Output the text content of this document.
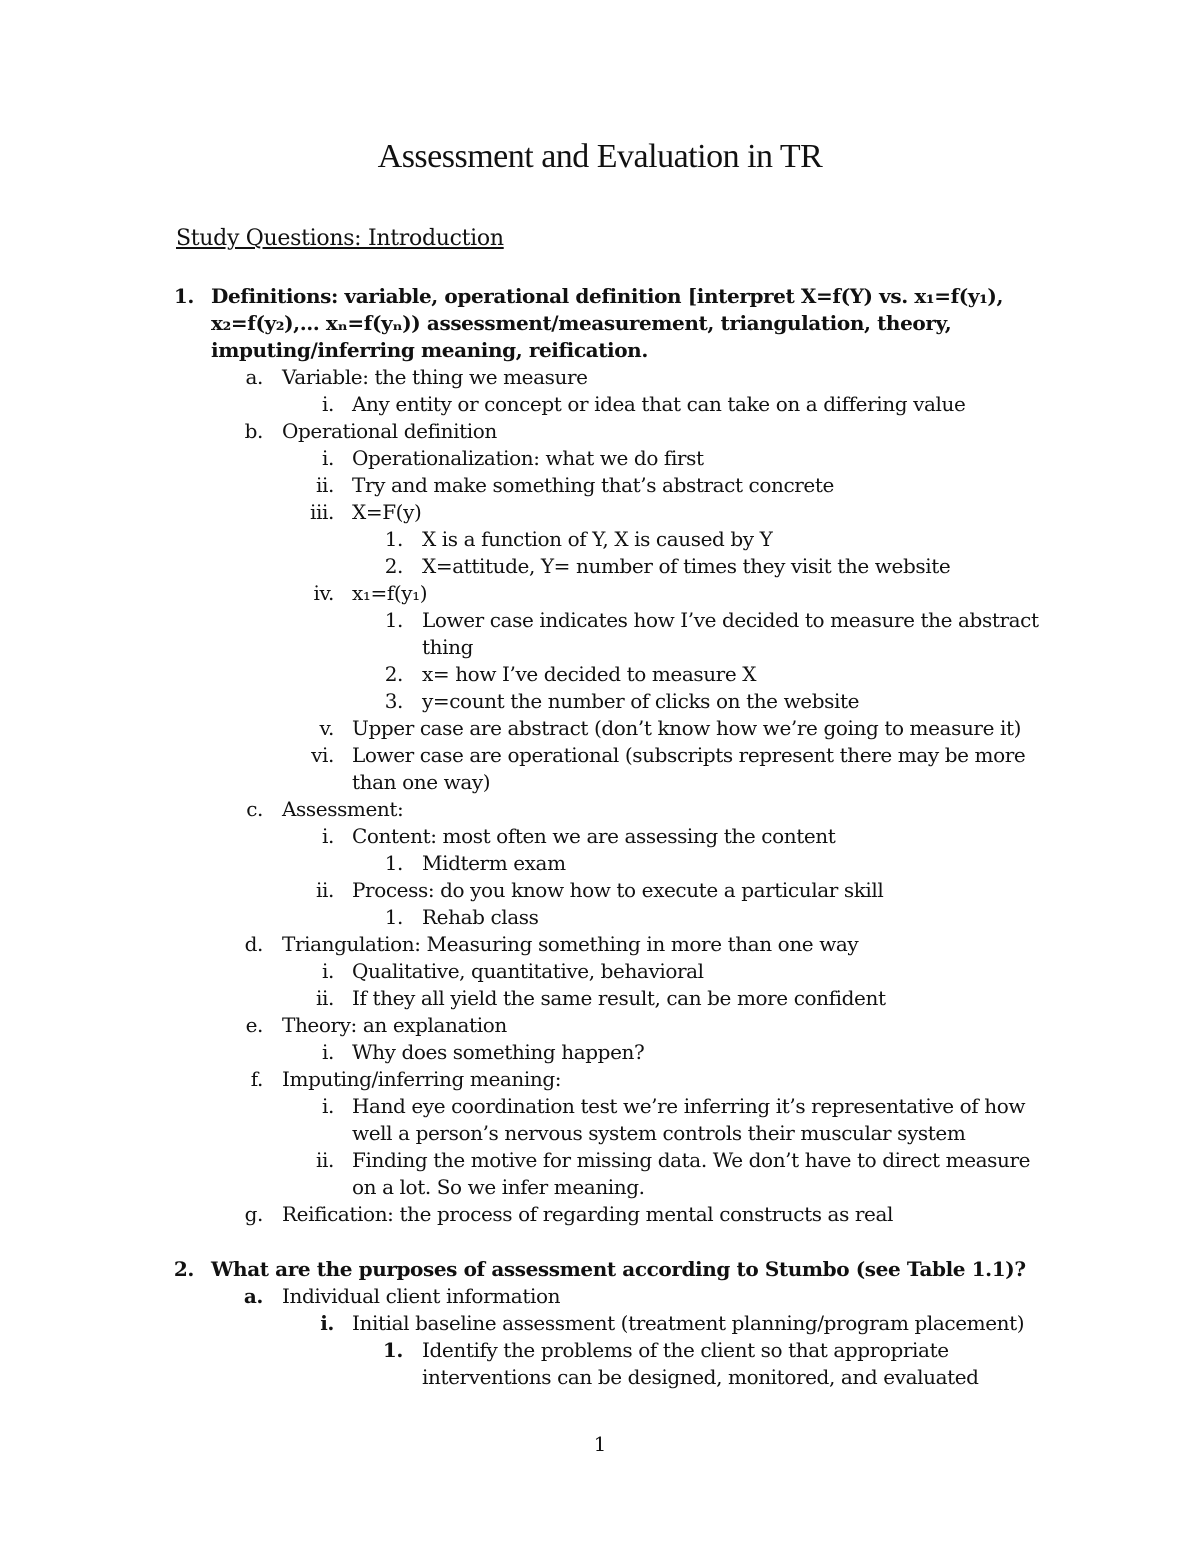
Assessment and Evaluation in TR
Study Questions: Introduction
1. Definitions: variable, operational definition [interpret X=f(Y) vs. x₁=f(y₁),
x₂=f(y₂),… xₙ=f(yₙ)) assessment/measurement, triangulation, theory,
imputing/inferring meaning, reification.
a. Variable: the thing we measure
i. Any entity or concept or idea that can take on a differing value
b. Operational definition
i. Operationalization: what we do first
ii. Try and make something that’s abstract concrete
iii. X=F(y)
1. X is a function of Y, X is caused by Y
2. X=attitude, Y= number of times they visit the website
iv. x₁=f(y₁)
1. Lower case indicates how I’ve decided to measure the abstract
thing
2. x= how I’ve decided to measure X
3. y=count the number of clicks on the website
v. Upper case are abstract (don’t know how we’re going to measure it)
vi. Lower case are operational (subscripts represent there may be more
than one way)
c. Assessment:
i. Content: most often we are assessing the content
1. Midterm exam
ii. Process: do you know how to execute a particular skill
1. Rehab class
d. Triangulation: Measuring something in more than one way
i. Qualitative, quantitative, behavioral
ii. If they all yield the same result, can be more confident
e. Theory: an explanation
i. Why does something happen?
f. Imputing/inferring meaning:
i. Hand eye coordination test we’re inferring it’s representative of how
well a person’s nervous system controls their muscular system
ii. Finding the motive for missing data. We don’t have to direct measure
on a lot. So we infer meaning.
g. Reification: the process of regarding mental constructs as real
2. What are the purposes of assessment according to Stumbo (see Table 1.1)?
a. Individual client information
i. Initial baseline assessment (treatment planning/program placement)
1. Identify the problems of the client so that appropriate
interventions can be designed, monitored, and evaluated
1
